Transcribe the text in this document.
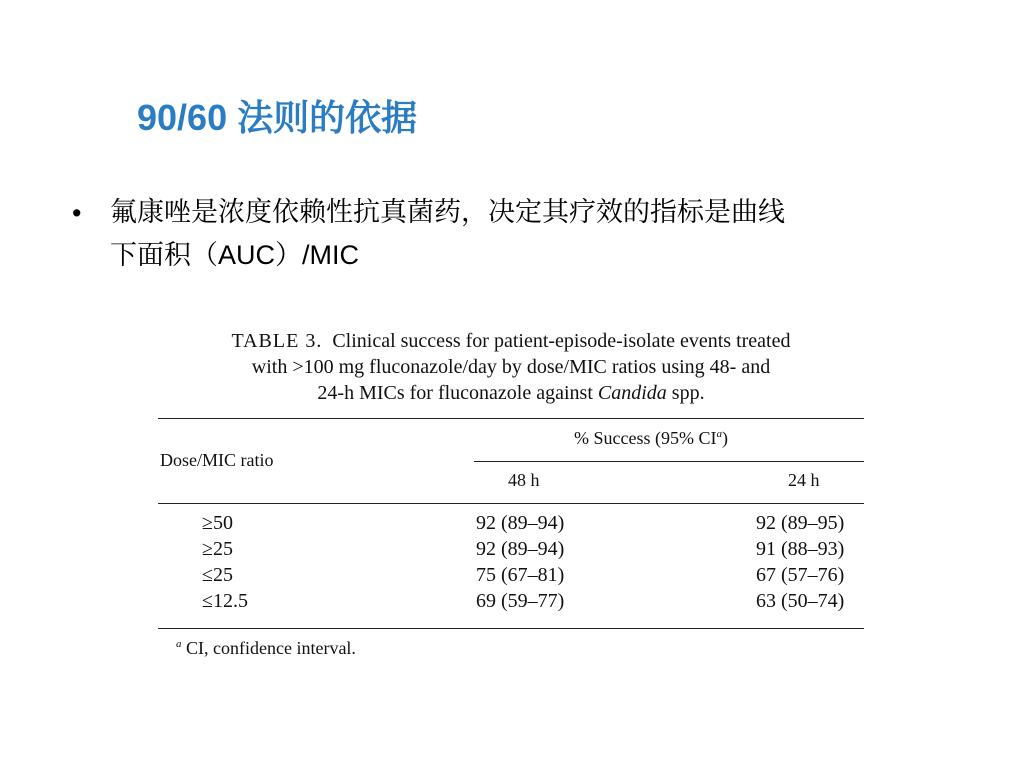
90/60 法则的依据
• 氟康唑是浓度依赖性抗真菌药，决定其疗效的指标是曲线
下面积（AUC）/MIC
TABLE 3. Clinical success for patient-episode-isolate events treated
with >100 mg fluconazole/day by dose/MIC ratios using 48- and
24-h MICs for fluconazole against Candida spp.
Dose/MIC ratio
% Success (95% $CI^a$)
48 h	24 h
≥50	92 (89–94)	92 (89–95)
≥25	92 (89–94)	91 (88–93)
≤25	75 (67–81)	67 (57–76)
≤12.5	69 (59–77)	63 (50–74)
$^a$ CI, confidence interval.
